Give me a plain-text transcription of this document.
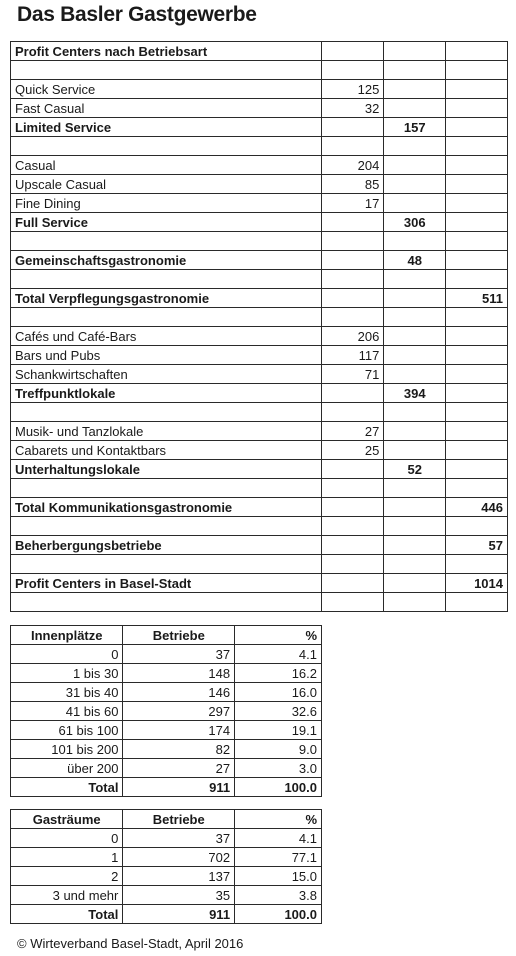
Das Basler Gastgewerbe
Profit Centers nach Betriebsart			

Quick Service	125		
Fast Casual	32		
Limited Service		157	

Casual	204		
Upscale Casual	85		
Fine Dining	17		
Full Service		306	

Gemeinschaftsgastronomie		48	

Total Verpflegungsgastronomie			511

Cafés und Café-Bars	206		
Bars und Pubs	117		
Schankwirtschaften	71		
Treffpunktlokale		394	

Musik- und Tanzlokale	27		
Cabarets und Kontaktbars	25		
Unterhaltungslokale		52	

Total Kommunikationsgastronomie			446

Beherbergungsbetriebe			57

Profit Centers in Basel-Stadt			1014

Innenplätze	Betriebe	%
0	37	4.1
1 bis 30	148	16.2
31 bis 40	146	16.0
41 bis 60	297	32.6
61 bis 100	174	19.1
101 bis 200	82	9.0
über 200	27	3.0
Total	911	100.0
Gasträume	Betriebe	%
0	37	4.1
1	702	77.1
2	137	15.0
3 und mehr	35	3.8
Total	911	100.0
© Wirteverband Basel-Stadt, April 2016
